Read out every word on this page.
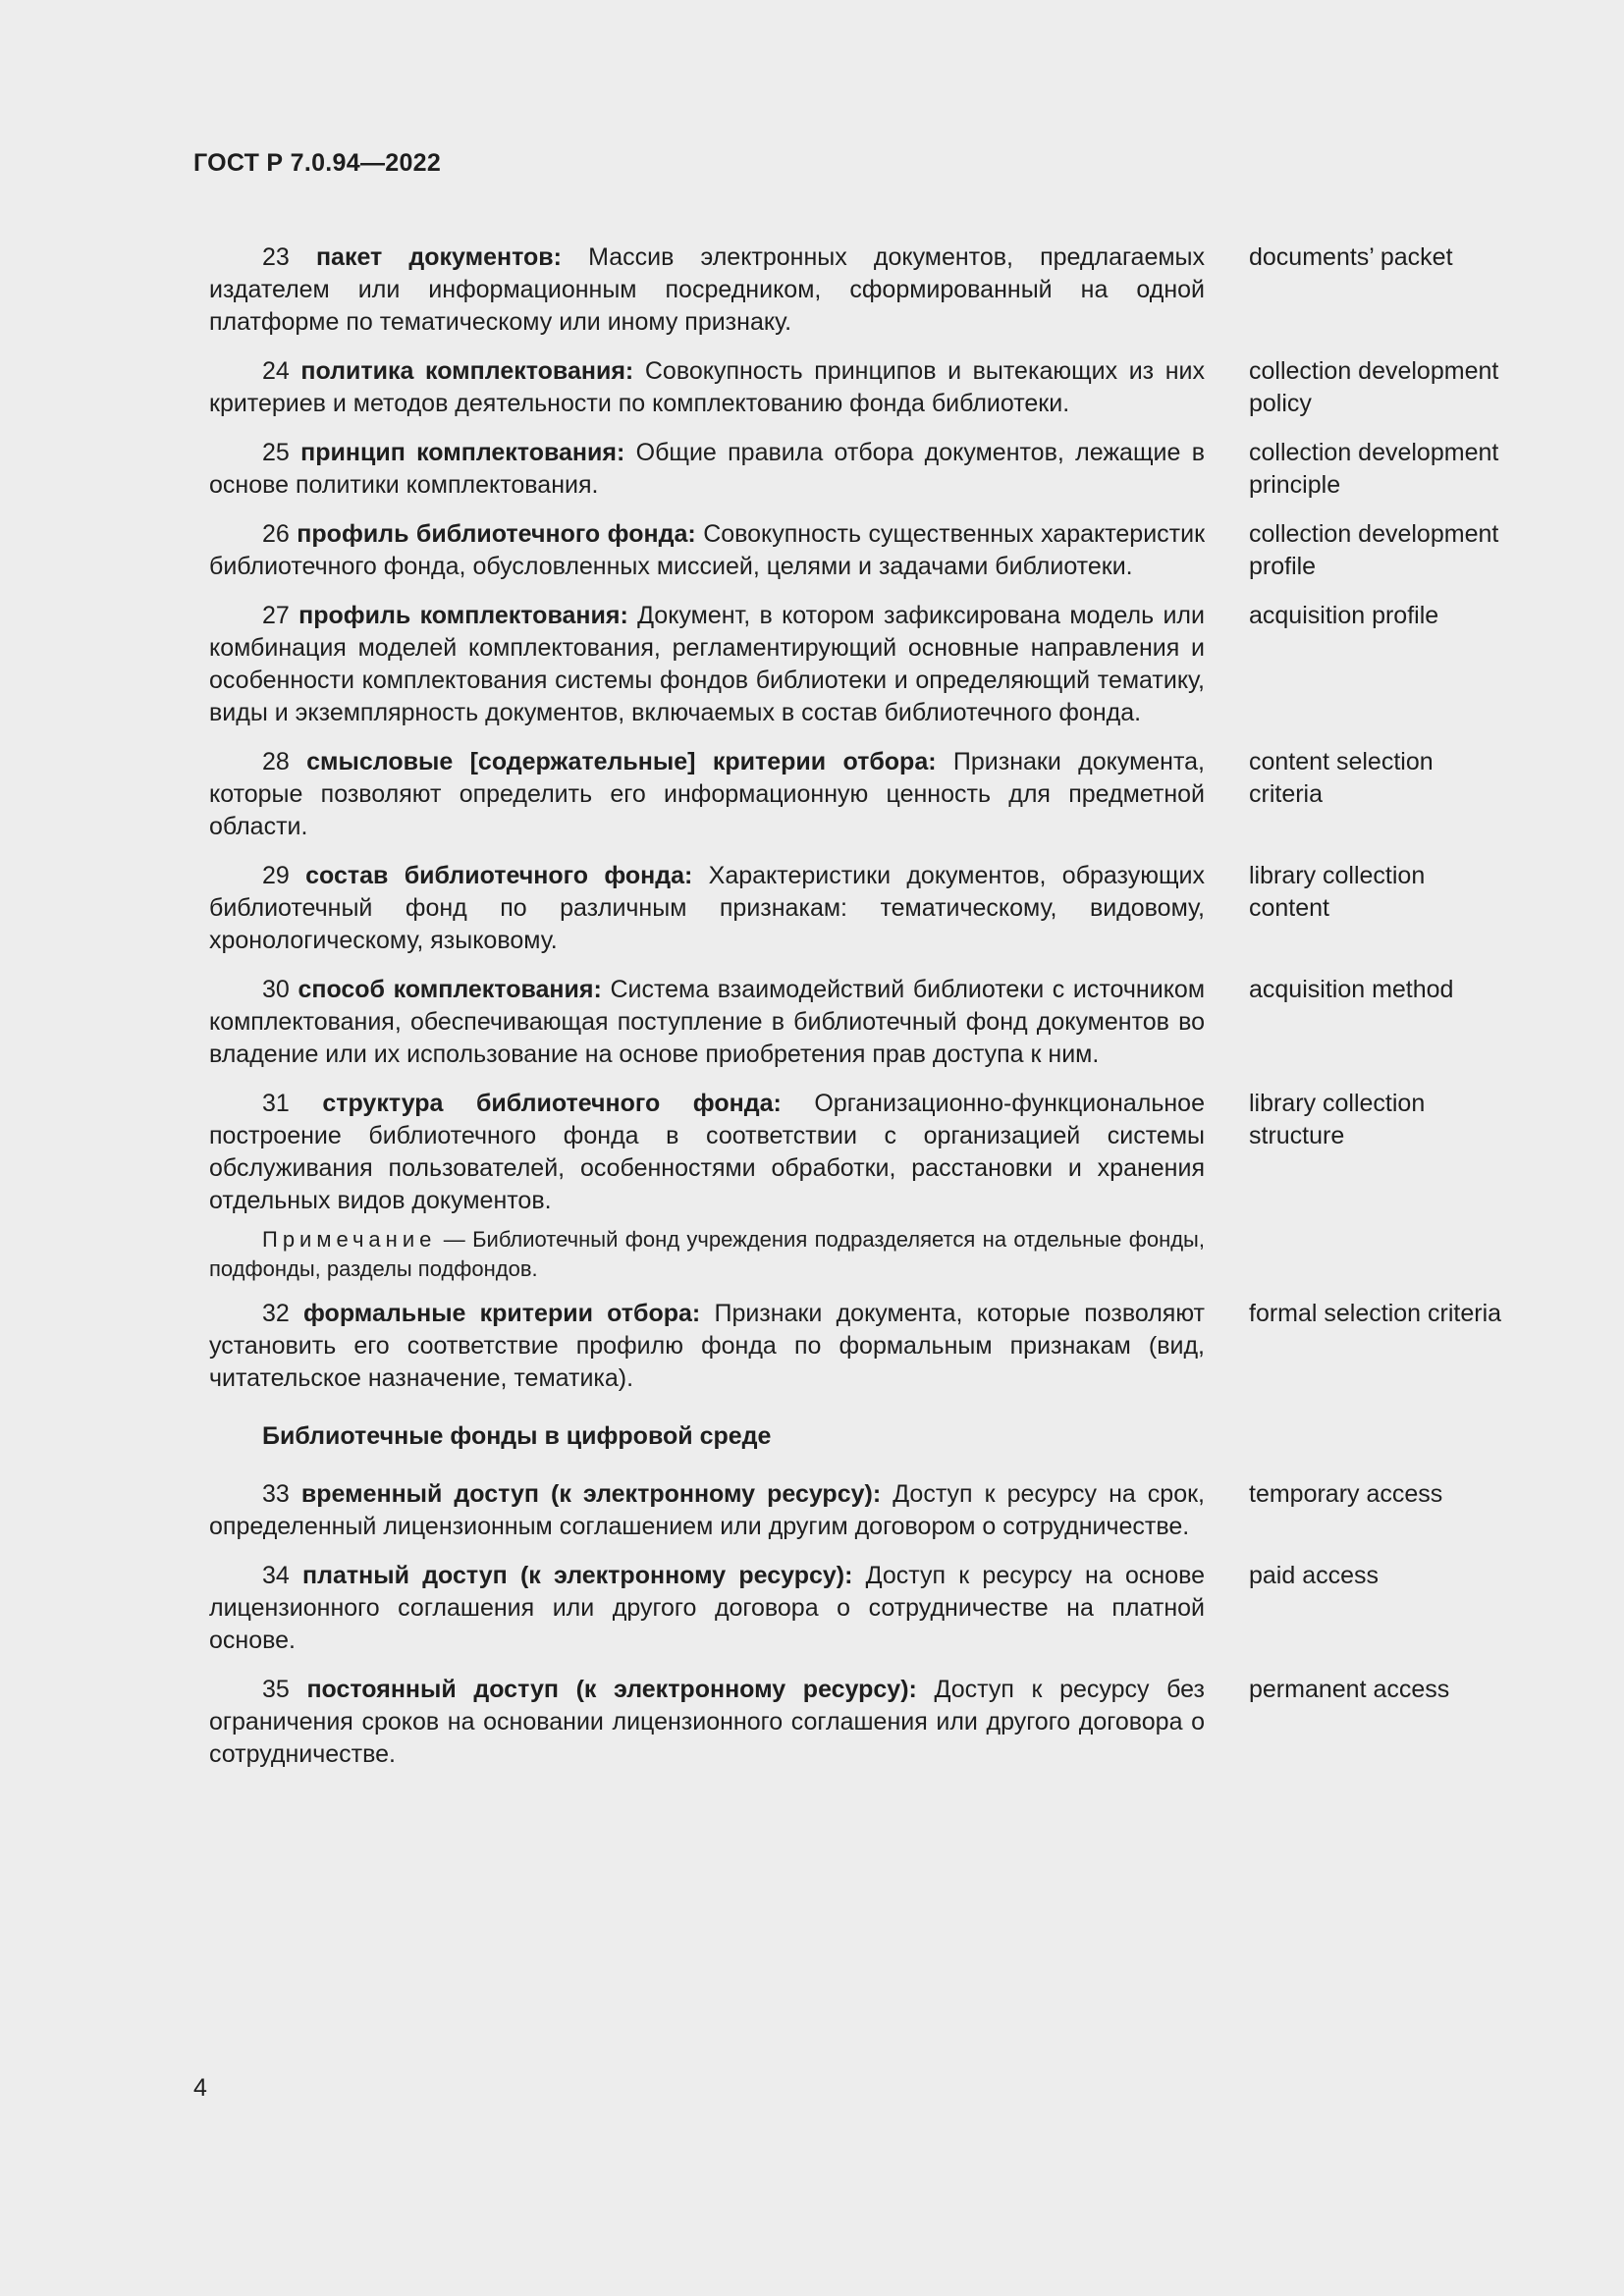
ГОСТ Р 7.0.94—2022
23 пакет документов: Массив электронных документов, предлагаемых издателем или информационным посредником, сформированный на одной платформе по тематическому или иному признаку.
documents’ packet
24 политика комплектования: Совокупность принципов и вытекающих из них критериев и методов деятельности по комплектованию фонда библиотеки.
collection development policy
25 принцип комплектования: Общие правила отбора документов, лежащие в основе политики комплектования.
collection development principle
26 профиль библиотечного фонда: Совокупность существенных характеристик библиотечного фонда, обусловленных миссией, целями и задачами библиотеки.
collection development profile
27 профиль комплектования: Документ, в котором зафиксирована модель или комбинация моделей комплектования, регламентирующий основные направления и особенности комплектования системы фондов библиотеки и определяющий тематику, виды и экземплярность документов, включаемых в состав библиотечного фонда.
acquisition profile
28 смысловые [содержательные] критерии отбора: Признаки документа, которые позволяют определить его информационную ценность для предметной области.
content selection criteria
29 состав библиотечного фонда: Характеристики документов, образующих библиотечный фонд по различным признакам: тематическому, видовому, хронологическому, языковому.
library collection content
30 способ комплектования: Система взаимодействий библиотеки с источником комплектования, обеспечивающая поступление в библиотечный фонд документов во владение или их использование на основе приобретения прав доступа к ним.
acquisition method
31 структура библиотечного фонда: Организационно-функциональное построение библиотечного фонда в соответствии с организацией системы обслуживания пользователей, особенностями обработки, расстановки и хранения отдельных видов документов.
library collection structure
Примечание — Библиотечный фонд учреждения подразделяется на отдельные фонды, подфонды, разделы подфондов.
32 формальные критерии отбора: Признаки документа, которые позволяют установить его соответствие профилю фонда по формальным признакам (вид, читательское назначение, тематика).
formal selection criteria
Библиотечные фонды в цифровой среде
33 временный доступ (к электронному ресурсу): Доступ к ресурсу на срок, определенный лицензионным соглашением или другим договором о сотрудничестве.
temporary access
34 платный доступ (к электронному ресурсу): Доступ к ресурсу на основе лицензионного соглашения или другого договора о сотрудничестве на платной основе.
paid access
35 постоянный доступ (к электронному ресурсу): Доступ к ресурсу без ограничения сроков на основании лицензионного соглашения или другого договора о сотрудничестве.
permanent access
4
